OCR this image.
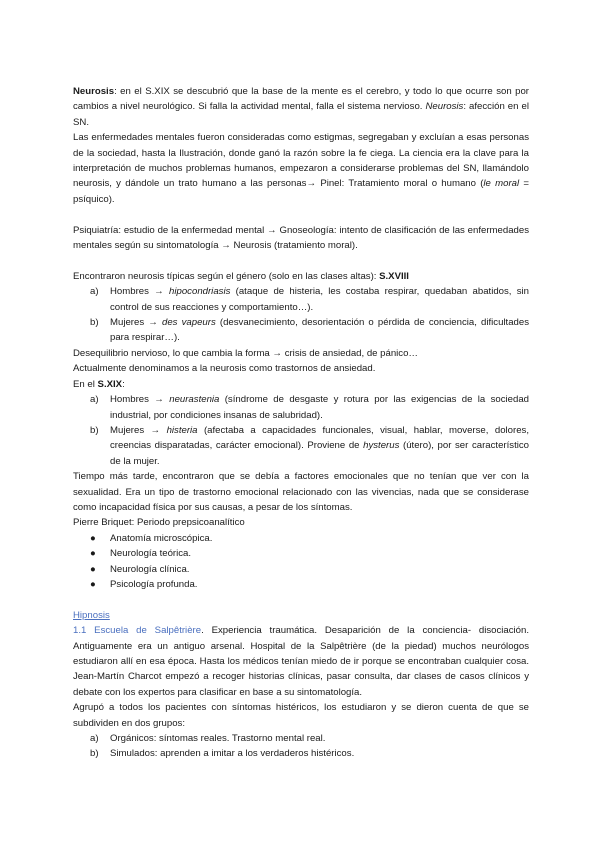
Neurosis: en el S.XIX se descubrió que la base de la mente es el cerebro, y todo lo que ocurre son por cambios a nivel neurológico. Si falla la actividad mental, falla el sistema nervioso. Neurosis: afección en el SN.

Las enfermedades mentales fueron consideradas como estigmas, segregaban y excluían a esas personas de la sociedad, hasta la Ilustración, donde ganó la razón sobre la fe ciega. La ciencia era la clave para la interpretación de muchos problemas humanos, empezaron a considerarse problemas del SN, llamándolo neurosis, y dándole un trato humano a las personas→ Pinel: Tratamiento moral o humano (le moral = psíquico).

Psiquiatría: estudio de la enfermedad mental → Gnoseología: intento de clasificación de las enfermedades mentales según su sintomatología → Neurosis (tratamiento moral).

Encontraron neurosis típicas según el género (solo en las clases altas): S.XVIII

a) Hombres → hipocondriasis (ataque de histeria, les costaba respirar, quedaban abatidos, sin control de sus reacciones y comportamiento…).
b) Mujeres → des vapeurs (desvanecimiento, desorientación o pérdida de conciencia, dificultades para respirar…).

Desequilibrio nervioso, lo que cambia la forma → crisis de ansiedad, de pánico…

Actualmente denominamos a la neurosis como trastornos de ansiedad.

En el S.XIX:

a) Hombres → neurastenia (síndrome de desgaste y rotura por las exigencias de la sociedad industrial, por condiciones insanas de salubridad).
b) Mujeres → histeria (afectaba a capacidades funcionales, visual, hablar, moverse, dolores, creencias disparatadas, carácter emocional). Proviene de hysterus (útero), por ser característico de la mujer.

Tiempo más tarde, encontraron que se debía a factores emocionales que no tenían que ver con la sexualidad. Era un tipo de trastorno emocional relacionado con las vivencias, nada que se considerase como incapacidad física por sus causas, a pesar de los síntomas.

Pierre Briquet: Periodo prepsicoanalítico

● Anatomía microscópica.
● Neurología teórica.
● Neurología clínica.
● Psicología profunda.

Hipnosis

1.1 Escuela de Salpêtrière. Experiencia traumática. Desaparición de la conciencia- disociación. Antiguamente era un antiguo arsenal. Hospital de la Salpêtrière (de la piedad) muchos neurólogos estudiaron allí en esa época. Hasta los médicos tenían miedo de ir porque se encontraban cualquier cosa. Jean-Martín Charcot empezó a recoger historias clínicas, pasar consulta, dar clases de casos clínicos y debate con los expertos para clasificar en base a su sintomatología.

Agrupó a todos los pacientes con síntomas histéricos, los estudiaron y se dieron cuenta de que se subdividen en dos grupos:

a) Orgánicos: síntomas reales. Trastorno mental real.
b) Simulados: aprenden a imitar a los verdaderos histéricos.
